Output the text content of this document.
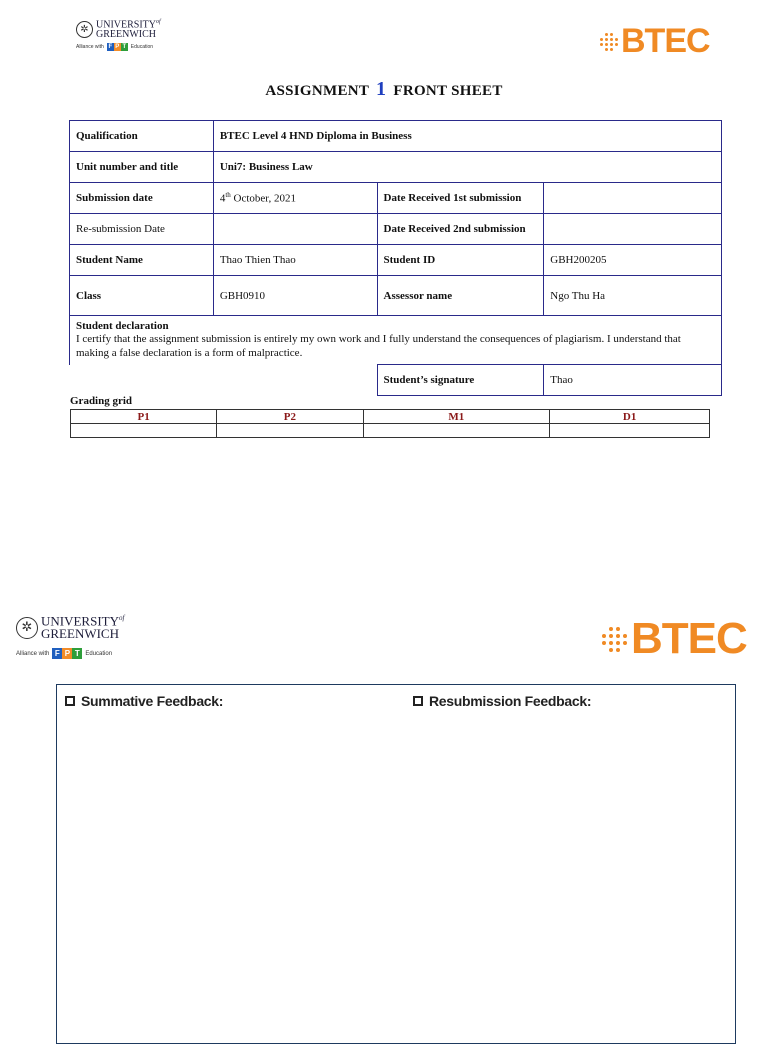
✲ $UNIVERSITY^{of}$
GREENWICH
Alliance with F P T Education	BTEC
ASSIGNMENT 1 FRONT SHEET
Qualification	BTEC Level 4 HND Diploma in Business		
Unit number and title	Uni7: Business Law		
Submission date	4th October, 2021	Date Received 1st submission	
Re-submission Date		Date Received 2nd submission	
Student Name	Thao Thien Thao	Student ID	GBH200205
Class	GBH0910	Assessor name	Ngo Thu Ha

Student declaration
I certify that the assignment submission is entirely my own work and I fully understand the consequences of plagiarism. I understand that making a false declaration is a form of malpractice.			

		Student’s signature	Thao
Grading grid
P1	P2	M1	D1

✲ $UNIVERSITY^{of}$
GREENWICH
Alliance with F P T Education	BTEC
Summative Feedback:	Resubmission Feedback:
